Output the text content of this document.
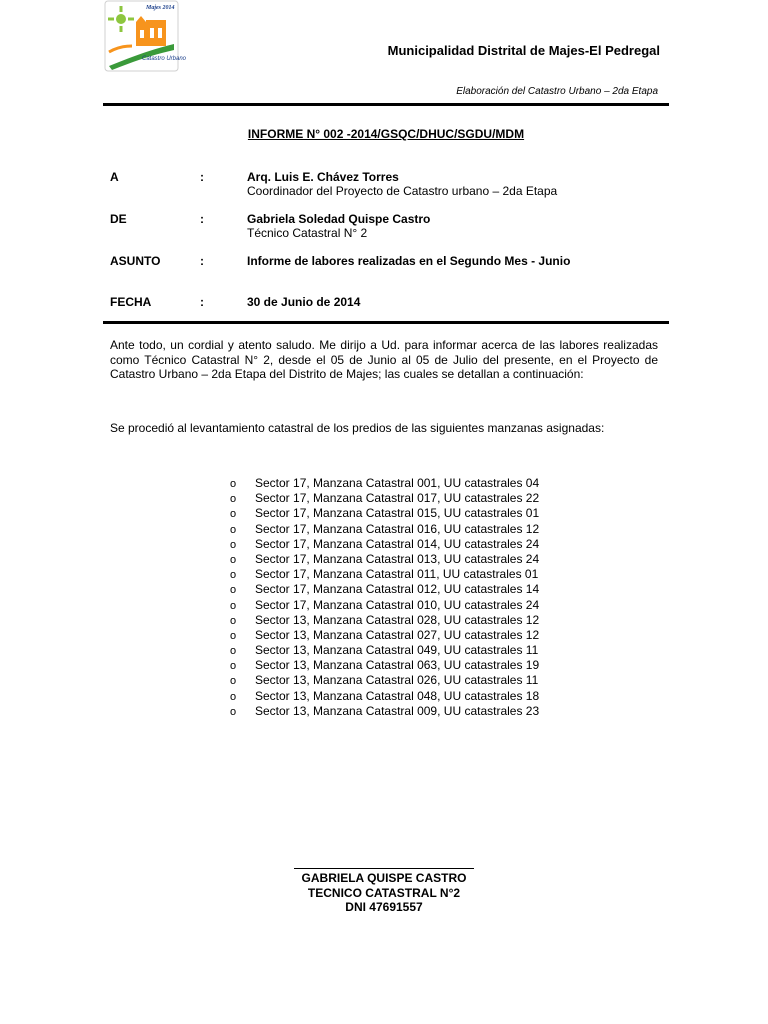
Majes 2014
Catastro Urbano
Municipalidad Distrital de Majes-El Pedregal
Elaboración del Catastro Urbano – 2da Etapa
INFORME N° 002 -2014/GSQC/DHUC/SGDU/MDM
A	:	Arq. Luis E. Chávez Torres
Coordinador del Proyecto de Catastro urbano – 2da Etapa
DE	:	Gabriela Soledad Quispe Castro
Técnico Catastral N° 2
ASUNTO	:	Informe de labores realizadas en el Segundo Mes - Junio
FECHA	:	30 de Junio de 2014
Ante todo, un cordial y atento saludo. Me dirijo a Ud. para informar acerca de las labores realizadas como Técnico Catastral N° 2, desde el 05 de Junio al 05 de Julio del presente, en el Proyecto de Catastro Urbano – 2da Etapa del Distrito de Majes; las cuales se detallan a continuación:
Se procedió al levantamiento catastral de los predios de las siguientes manzanas asignadas:
o Sector 17, Manzana Catastral 001, UU catastrales 04
o Sector 17, Manzana Catastral 017, UU catastrales 22
o Sector 17, Manzana Catastral 015, UU catastrales 01
o Sector 17, Manzana Catastral 016, UU catastrales 12
o Sector 17, Manzana Catastral 014, UU catastrales 24
o Sector 17, Manzana Catastral 013, UU catastrales 24
o Sector 17, Manzana Catastral 011, UU catastrales 01
o Sector 17, Manzana Catastral 012, UU catastrales 14
o Sector 17, Manzana Catastral 010, UU catastrales 24
o Sector 13, Manzana Catastral 028, UU catastrales 12
o Sector 13, Manzana Catastral 027, UU catastrales 12
o Sector 13, Manzana Catastral 049, UU catastrales 11
o Sector 13, Manzana Catastral 063, UU catastrales 19
o Sector 13, Manzana Catastral 026, UU catastrales 11
o Sector 13, Manzana Catastral 048, UU catastrales 18
o Sector 13, Manzana Catastral 009, UU catastrales 23
GABRIELA QUISPE CASTRO
TECNICO CATASTRAL N°2
DNI 47691557
